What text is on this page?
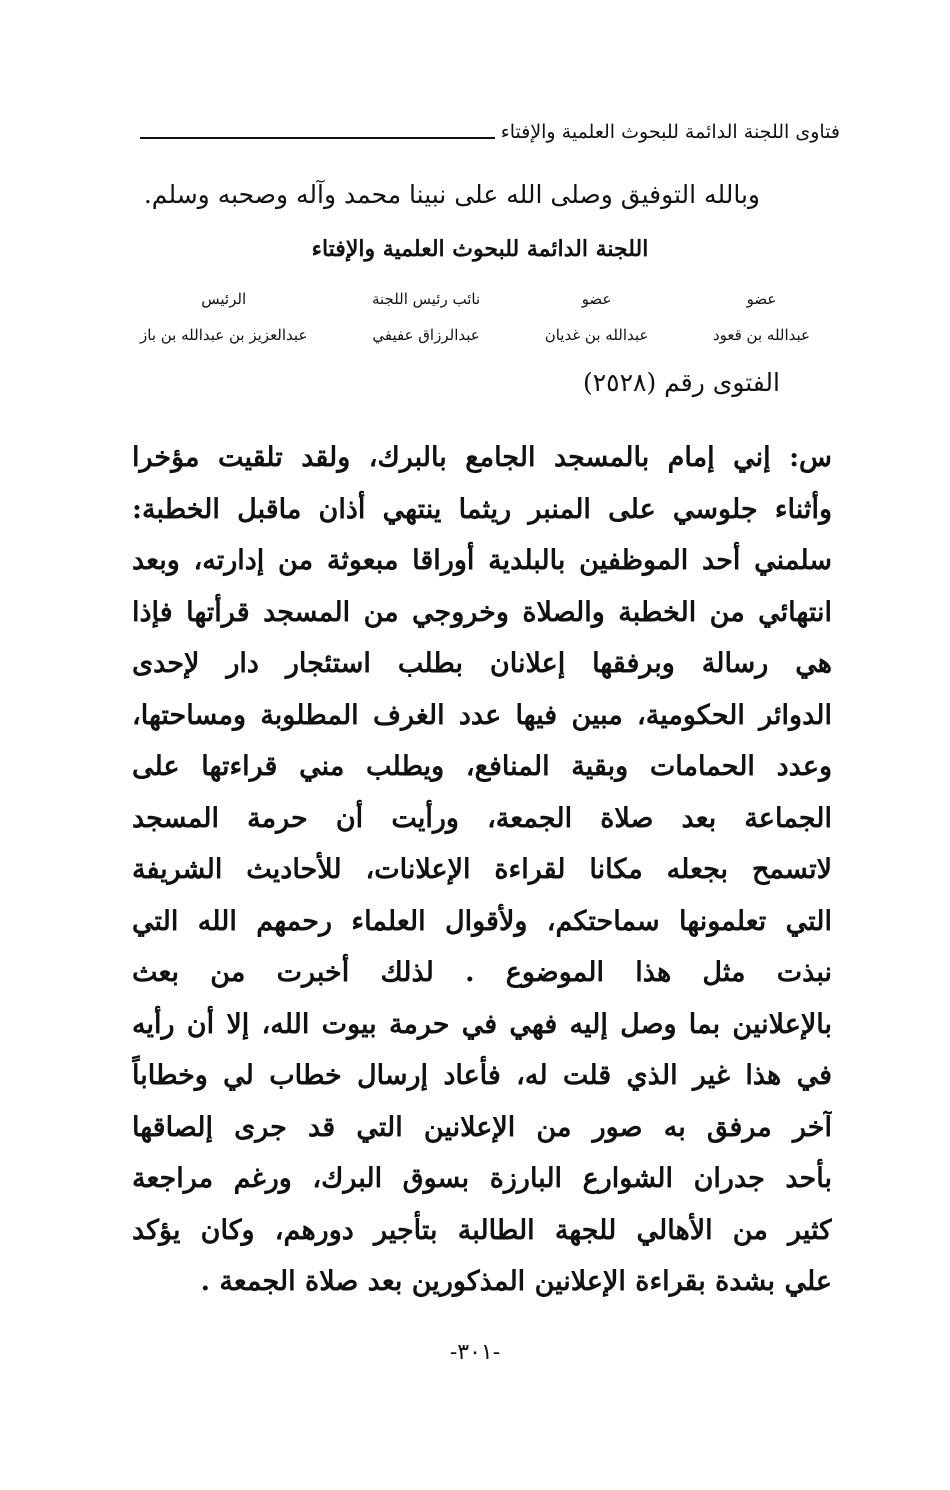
فتاوى اللجنة الدائمة للبحوث العلمية والإفتاء
وبالله التوفيق وصلى الله على نبينا محمد وآله وصحبه وسلم.
اللجنة الدائمة للبحوث العلمية والإفتاء
عضو
عبدالله بن قعود
عضو
عبدالله بن غديان
نائب رئيس اللجنة
عبدالرزاق عفيفي
الرئيس
عبدالعزيز بن عبدالله بن باز
الفتوى رقم (٢٥٢٨)
س: إني إمام بالمسجد الجامع بالبرك، ولقد تلقيت مؤخرا
وأثناء جلوسي على المنبر ريثما ينتهي أذان ماقبل الخطبة:
سلمني أحد الموظفين بالبلدية أوراقا مبعوثة من إدارته، وبعد
انتهائي من الخطبة والصلاة وخروجي من المسجد قرأتها فإذا
هي رسالة وبرفقها إعلانان بطلب استئجار دار لإحدى
الدوائر الحكومية، مبين فيها عدد الغرف المطلوبة ومساحتها،
وعدد الحمامات وبقية المنافع، ويطلب مني قراءتها على
الجماعة بعد صلاة الجمعة، ورأيت أن حرمة المسجد
لاتسمح بجعله مكانا لقراءة الإعلانات، للأحاديث الشريفة
التي تعلمونها سماحتكم، ولأقوال العلماء رحمهم الله التي
نبذت مثل هذا الموضوع . لذلك أخبرت من بعث
بالإعلانين بما وصل إليه فهي في حرمة بيوت الله، إلا أن رأيه
في هذا غير الذي قلت له، فأعاد إرسال خطاب لي وخطاباً
آخر مرفق به صور من الإعلانين التي قد جرى إلصاقها
بأحد جدران الشوارع البارزة بسوق البرك، ورغم مراجعة
كثير من الأهالي للجهة الطالبة بتأجير دورهم، وكان يؤكد
علي بشدة بقراءة الإعلانين المذكورين بعد صلاة الجمعة .
-٣٠١-
